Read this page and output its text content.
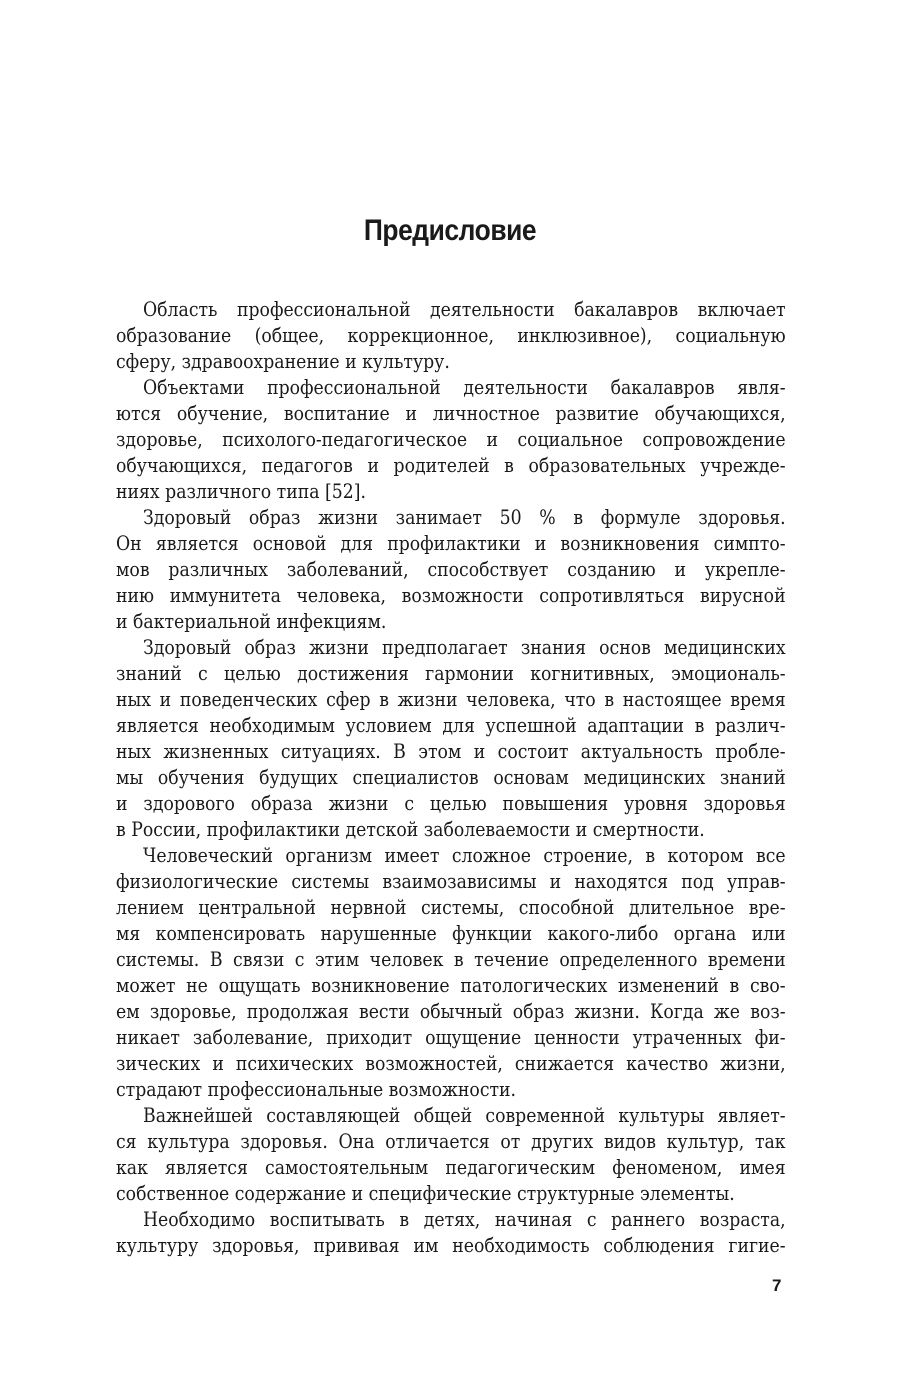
Предисловие
Область профессиональной деятельности бакалавров включает
образование (общее, коррекционное, инклюзивное), социальную
сферу, здравоохранение и культуру.
Объектами профессиональной деятельности бакалавров явля-
ются обучение, воспитание и личностное развитие обучающихся,
здоровье, психолого-педагогическое и социальное сопровождение
обучающихся, педагогов и родителей в образовательных учрежде-
ниях различного типа [52].
Здоровый образ жизни занимает 50 % в формуле здоровья.
Он является основой для профилактики и возникновения симпто-
мов различных заболеваний, способствует созданию и укрепле-
нию иммунитета человека, возможности сопротивляться вирусной
и бактериальной инфекциям.
Здоровый образ жизни предполагает знания основ медицинских
знаний с целью достижения гармонии когнитивных, эмоциональ-
ных и поведенческих сфер в жизни человека, что в настоящее время
является необходимым условием для успешной адаптации в различ-
ных жизненных ситуациях. В этом и состоит актуальность пробле-
мы обучения будущих специалистов основам медицинских знаний
и здорового образа жизни с целью повышения уровня здоровья
в России, профилактики детской заболеваемости и смертности.
Человеческий организм имеет сложное строение, в котором все
физиологические системы взаимозависимы и находятся под управ-
лением центральной нервной системы, способной длительное вре-
мя компенсировать нарушенные функции какого-либо органа или
системы. В связи с этим человек в течение определенного времени
может не ощущать возникновение патологических изменений в сво-
ем здоровье, продолжая вести обычный образ жизни. Когда же воз-
никает заболевание, приходит ощущение ценности утраченных фи-
зических и психических возможностей, снижается качество жизни,
страдают профессиональные возможности.
Важнейшей составляющей общей современной культуры являет-
ся культура здоровья. Она отличается от других видов культур, так
как является самостоятельным педагогическим феноменом, имея
собственное содержание и специфические структурные элементы.
Необходимо воспитывать в детях, начиная с раннего возраста,
культуру здоровья, прививая им необходимость соблюдения гигие-
7
